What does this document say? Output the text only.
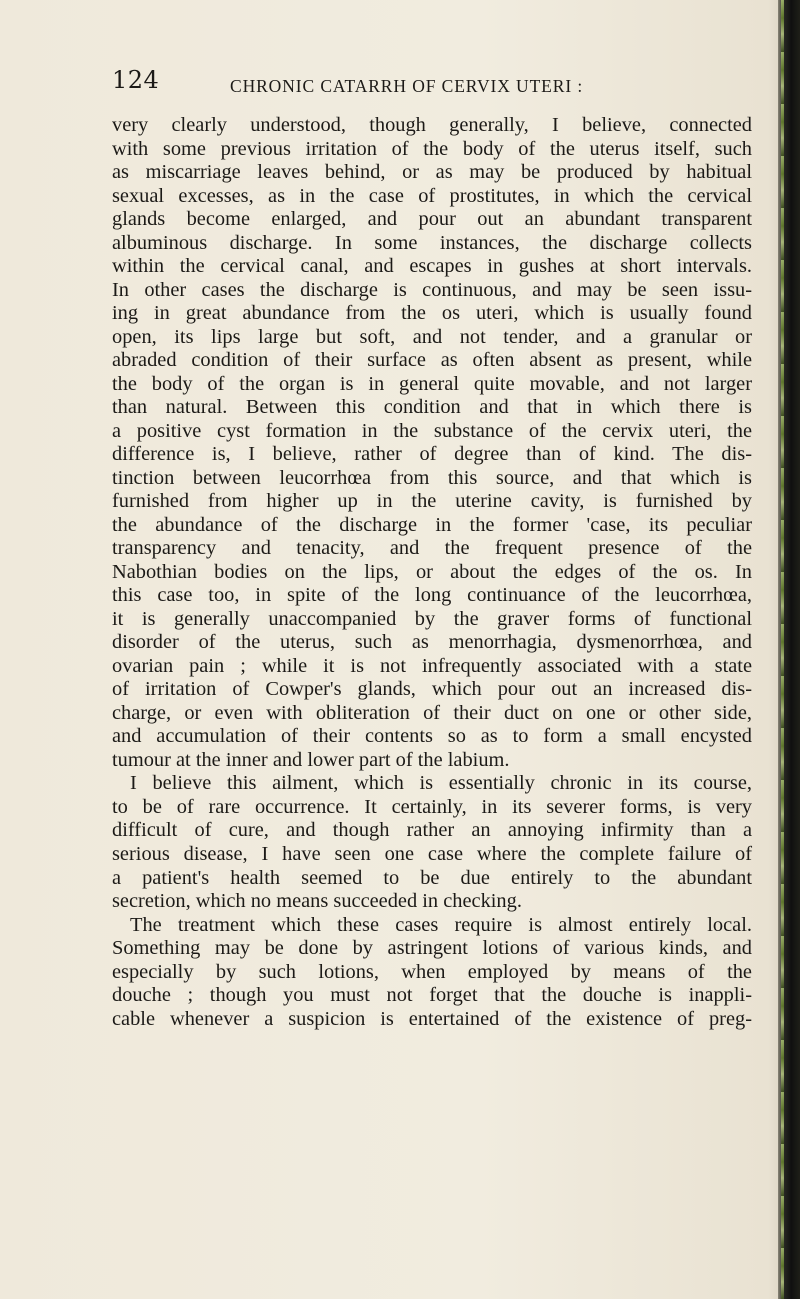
124	CHRONIC CATARRH OF CERVIX UTERI :
very clearly understood, though generally, I believe, connected
with some previous irritation of the body of the uterus itself, such
as miscarriage leaves behind, or as may be produced by habitual
sexual excesses, as in the case of prostitutes, in which the cervical
glands become enlarged, and pour out an abundant transparent
albuminous discharge. In some instances, the discharge collects
within the cervical canal, and escapes in gushes at short intervals.
In other cases the discharge is continuous, and may be seen issu-
ing in great abundance from the os uteri, which is usually found
open, its lips large but soft, and not tender, and a granular or
abraded condition of their surface as often absent as present, while
the body of the organ is in general quite movable, and not larger
than natural. Between this condition and that in which there is
a positive cyst formation in the substance of the cervix uteri, the
difference is, I believe, rather of degree than of kind. The dis-
tinction between leucorrhœa from this source, and that which is
furnished from higher up in the uterine cavity, is furnished by
the abundance of the discharge in the former 'case, its peculiar
transparency and tenacity, and the frequent presence of the
Nabothian bodies on the lips, or about the edges of the os. In
this case too, in spite of the long continuance of the leucorrhœa,
it is generally unaccompanied by the graver forms of functional
disorder of the uterus, such as menorrhagia, dysmenorrhœa, and
ovarian pain ; while it is not infrequently associated with a state
of irritation of Cowper's glands, which pour out an increased dis-
charge, or even with obliteration of their duct on one or other side,
and accumulation of their contents so as to form a small encysted
tumour at the inner and lower part of the labium.
I believe this ailment, which is essentially chronic in its course,
to be of rare occurrence. It certainly, in its severer forms, is very
difficult of cure, and though rather an annoying infirmity than a
serious disease, I have seen one case where the complete failure of
a patient's health seemed to be due entirely to the abundant
secretion, which no means succeeded in checking.
The treatment which these cases require is almost entirely local.
Something may be done by astringent lotions of various kinds, and
especially by such lotions, when employed by means of the
douche ; though you must not forget that the douche is inappli-
cable whenever a suspicion is entertained of the existence of preg-
